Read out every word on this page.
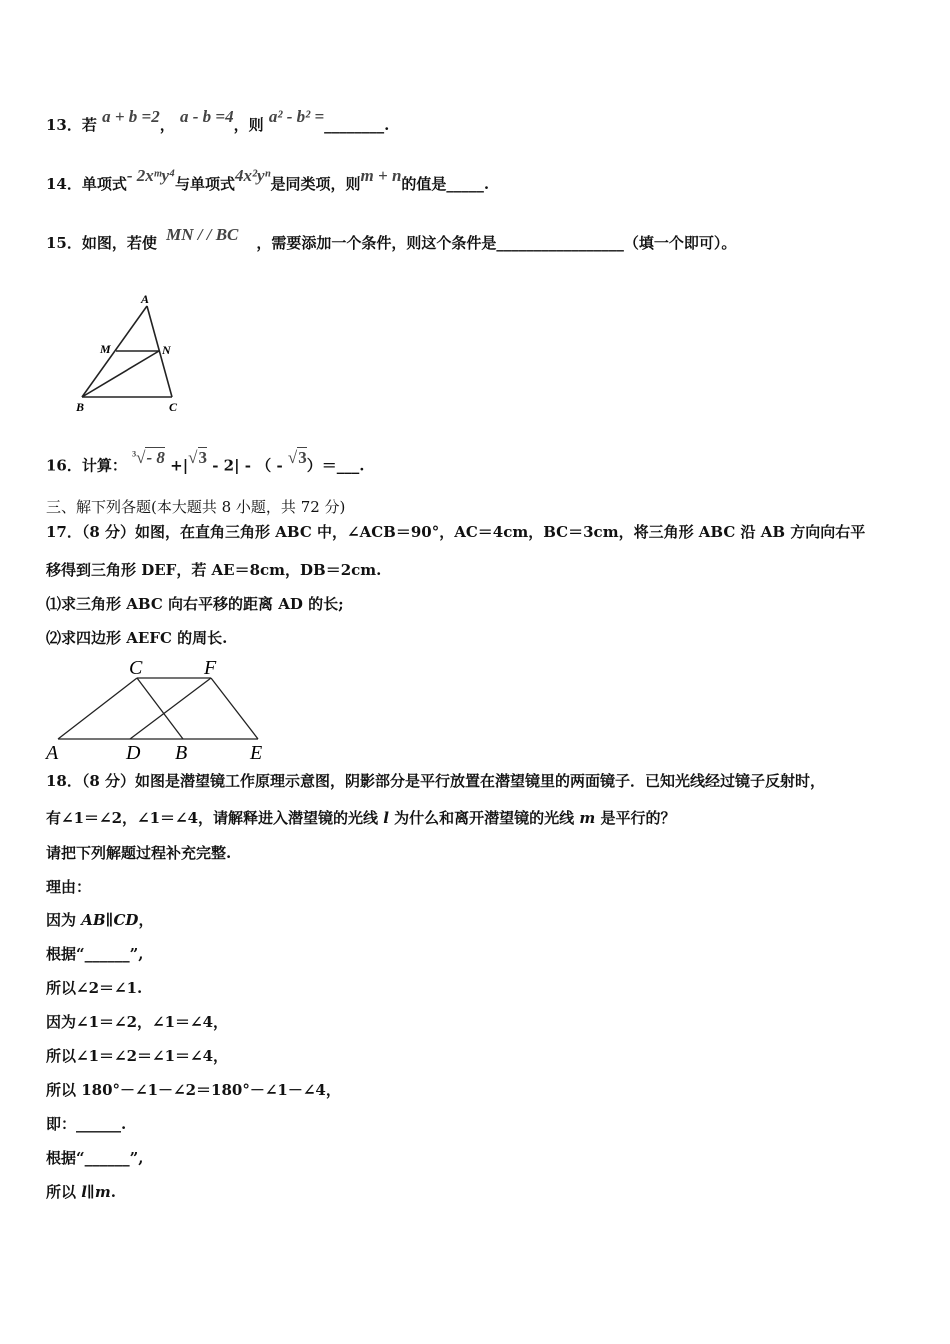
13．若 a + b =2， a - b =4，则 a² - b² =________.
14．单项式- 2xᵐy⁴与单项式4x²yⁿ是同类项，则m + n的值是_____.
15．如图，若使 MN / / BC ，需要添加一个条件，则这个条件是_________________（填一个即可）。
A
M	N
B	C
16．计算： $^3$√- 8 +|√3 - 2| - （ - √3）＝___.
三、解下列各题(本大题共 8 小题，共 72 分)
17．（8 分）如图，在直角三角形 ABC 中，∠ACB＝90°，AC＝4cm，BC＝3cm，将三角形 ABC 沿 AB 方向向右平
移得到三角形 DEF，若 AE＝8cm，DB＝2cm.
⑴求三角形 ABC 向右平移的距离 AD 的长;
⑵求四边形 AEFC 的周长.
C	F
A	D B	E
18．（8 分）如图是潜望镜工作原理示意图，阴影部分是平行放置在潜望镜里的两面镜子．已知光线经过镜子反射时，
有∠1＝∠2，∠1＝∠4，请解释进入潜望镜的光线 l 为什么和离开潜望镜的光线 m 是平行的？
请把下列解题过程补充完整.
理由：
因为 AB∥CD，
根据“______”,
所以∠2＝∠1.
因为∠1＝∠2，∠1＝∠4，
所以∠1＝∠2＝∠1＝∠4，
所以 180°－∠1－∠2＝180°－∠1－∠4，
即：______.
根据“______”,
所以 l∥m.
